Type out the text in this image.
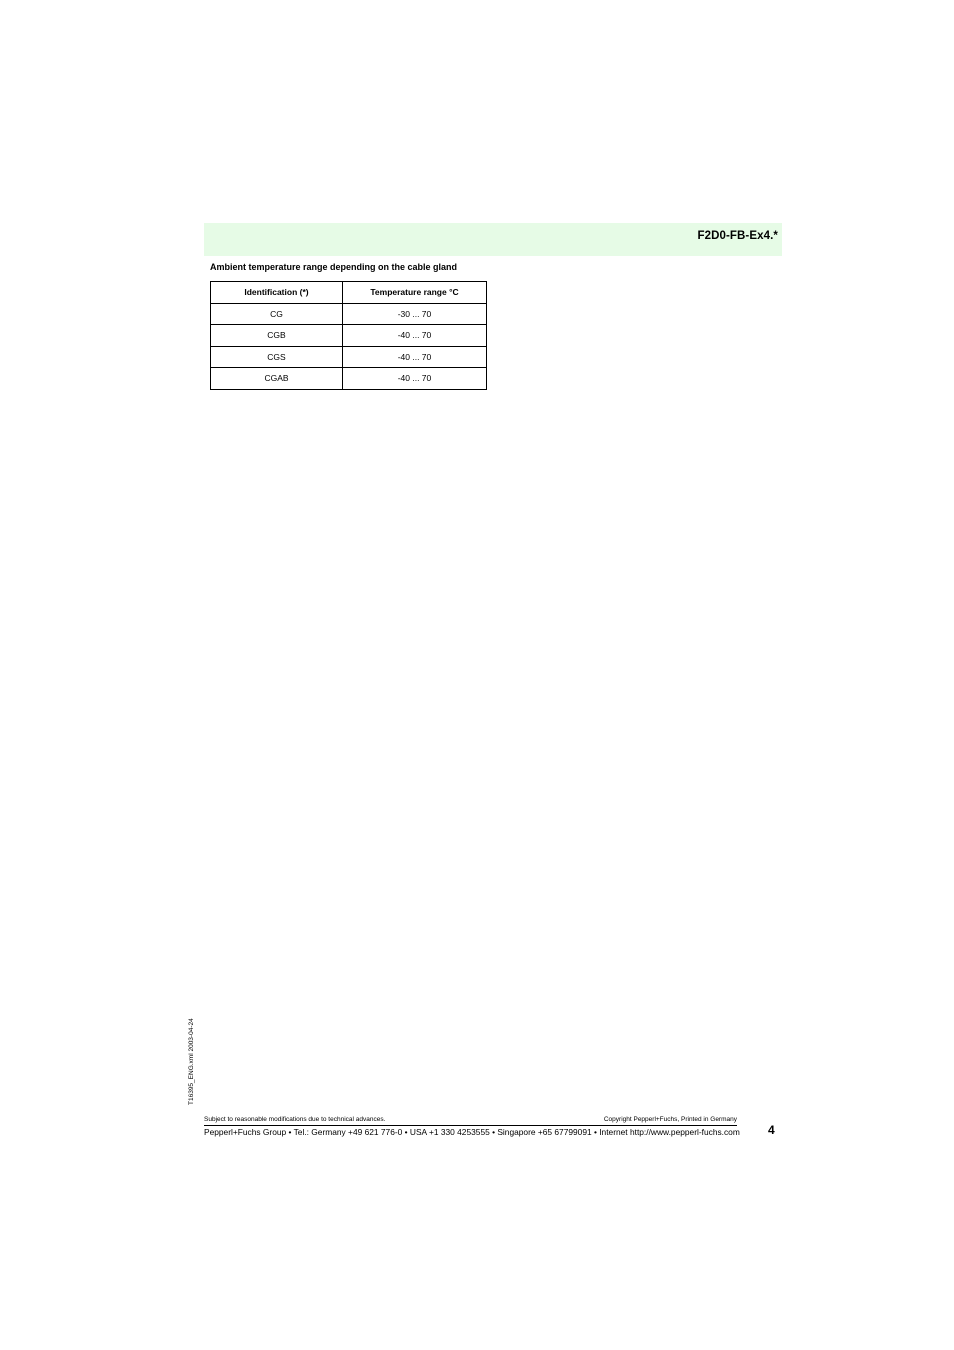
F2D0-FB-Ex4.*
Ambient temperature range depending on the cable gland
Identification (*)	Temperature range °C
CG	-30 ... 70
CGB	-40 ... 70
CGS	-40 ... 70
CGAB	-40 ... 70
T16395_ENG.xml 2003-04-24
Subject to reasonable modifications due to technical advances.	Copyright Pepperl+Fuchs, Printed in Germany
Pepperl+Fuchs Group • Tel.: Germany +49 621 776-0 • USA +1 330 4253555 • Singapore +65 67799091 • Internet http://www.pepperl-fuchs.com 4
